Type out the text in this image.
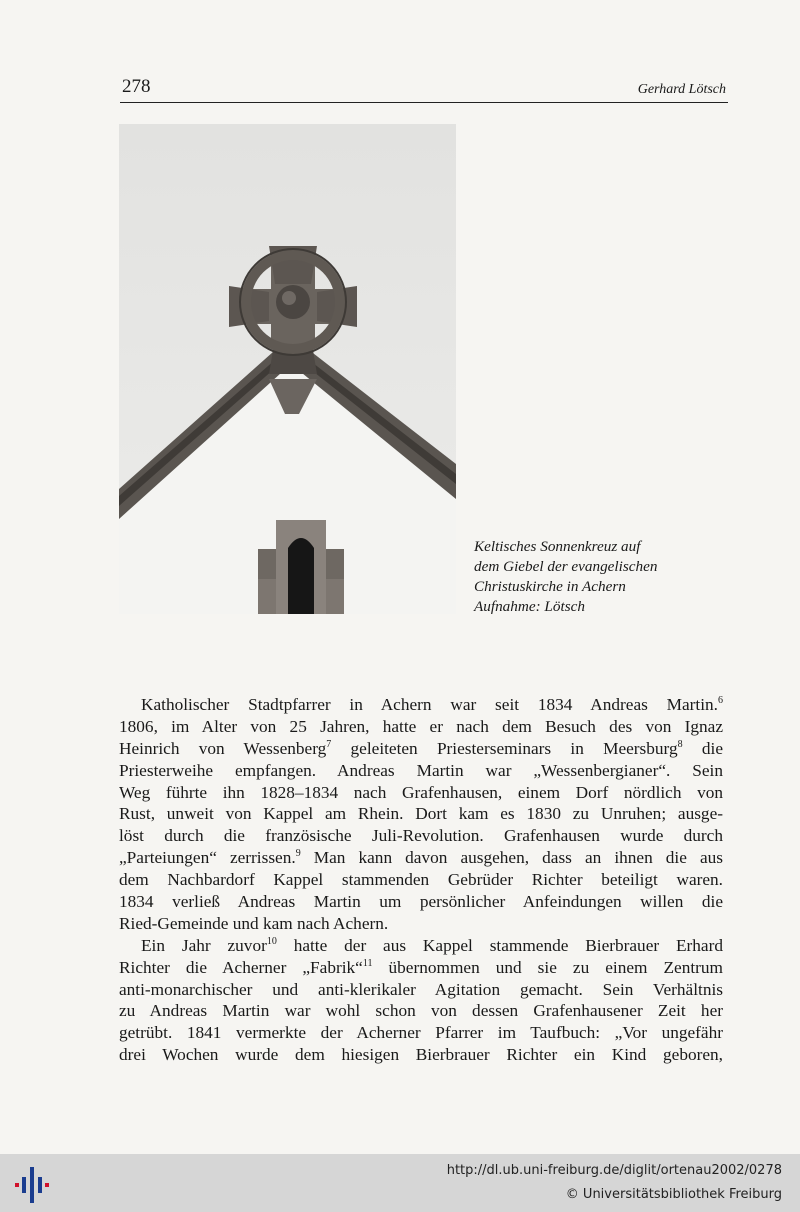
278	Gerhard Lötsch
Keltisches Sonnenkreuz auf
dem Giebel der evangelischen
Christuskirche in Achern
Aufnahme: Lötsch
Katholischer Stadtpfarrer in Achern war seit 1834 Andreas Martin.$^6$
1806, im Alter von 25 Jahren, hatte er nach dem Besuch des von Ignaz
Heinrich von Wessenberg$^7$ geleiteten Priesterseminars in Meersburg$^8$ die
Priesterweihe empfangen. Andreas Martin war „Wessenbergianer“. Sein
Weg führte ihn 1828–1834 nach Grafenhausen, einem Dorf nördlich von
Rust, unweit von Kappel am Rhein. Dort kam es 1830 zu Unruhen; ausge-
löst durch die französische Juli-Revolution. Grafenhausen wurde durch
„Parteiungen“ zerrissen.$^9$ Man kann davon ausgehen, dass an ihnen die aus
dem Nachbardorf Kappel stammenden Gebrüder Richter beteiligt waren.
1834 verließ Andreas Martin um persönlicher Anfeindungen willen die
Ried-Gemeinde und kam nach Achern.
Ein Jahr zuvor$^{10}$ hatte der aus Kappel stammende Bierbrauer Erhard
Richter die Acherner „Fabrik“$^{11}$ übernommen und sie zu einem Zentrum
anti-monarchischer und anti-klerikaler Agitation gemacht. Sein Verhältnis
zu Andreas Martin war wohl schon von dessen Grafenhausener Zeit her
getrübt. 1841 vermerkte der Acherner Pfarrer im Taufbuch: „Vor ungefähr
drei Wochen wurde dem hiesigen Bierbrauer Richter ein Kind geboren,
http://dl.ub.uni-freiburg.de/diglit/ortenau2002/0278
© Universitätsbibliothek Freiburg
